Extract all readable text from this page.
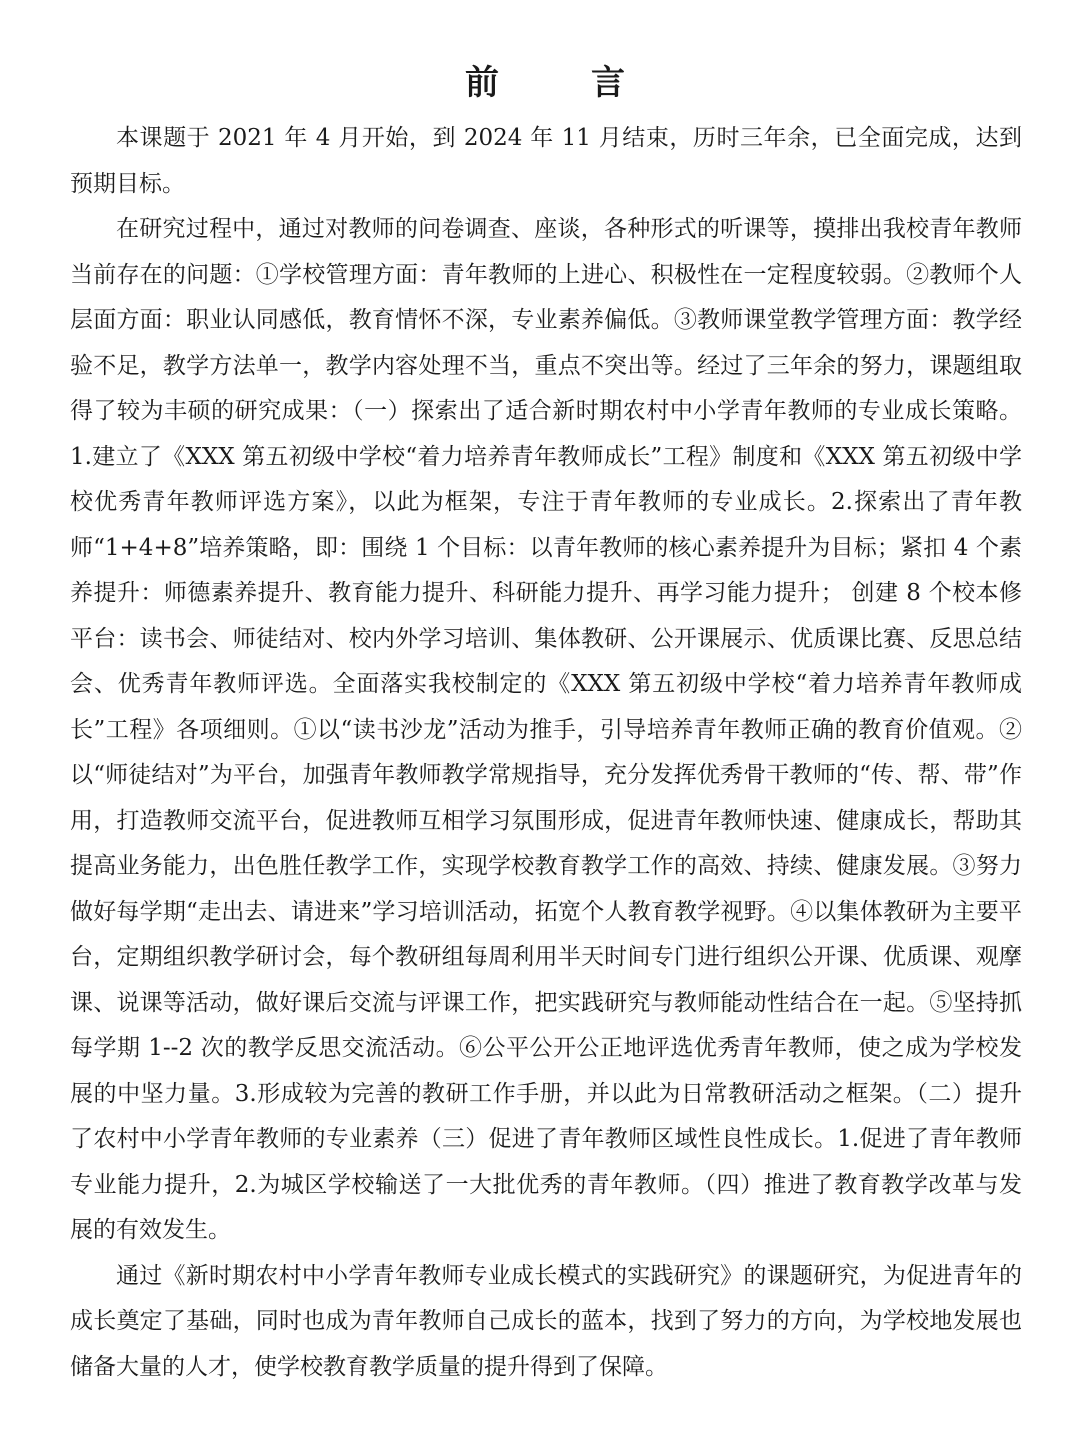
前	言

本课题于 2021 年 4 月开始，到 2024 年 11 月结束，历时三年余，已全面完成，达到预期目标。

在研究过程中，通过对教师的问卷调查、座谈，各种形式的听课等，摸排出我校青年教师当前存在的问题：①学校管理方面：青年教师的上进心、积极性在一定程度较弱。②教师个人层面方面：职业认同感低，教育情怀不深，专业素养偏低。③教师课堂教学管理方面：教学经验不足，教学方法单一，教学内容处理不当，重点不突出等。经过了三年余的努力，课题组取得了较为丰硕的研究成果：（一）探索出了适合新时期农村中小学青年教师的专业成长策略。1.建立了《XXX 第五初级中学校“着力培养青年教师成长”工程》制度和《XXX 第五初级中学校优秀青年教师评选方案》，以此为框架，专注于青年教师的专业成长。2.探索出了青年教师“1+4+8”培养策略，即：围绕 1 个目标：以青年教师的核心素养提升为目标；紧扣 4 个素养提升：师德素养提升、教育能力提升、科研能力提升、再学习能力提升； 创建 8 个校本修平台：读书会、师徒结对、校内外学习培训、集体教研、公开课展示、优质课比赛、反思总结会、优秀青年教师评选。全面落实我校制定的《XXX 第五初级中学校“着力培养青年教师成长”工程》各项细则。①以“读书沙龙”活动为推手，引导培养青年教师正确的教育价值观。②以“师徒结对”为平台，加强青年教师教学常规指导，充分发挥优秀骨干教师的“传、帮、带”作用，打造教师交流平台，促进教师互相学习氛围形成，促进青年教师快速、健康成长，帮助其提高业务能力，出色胜任教学工作，实现学校教育教学工作的高效、持续、健康发展。③努力做好每学期“走出去、请进来”学习培训活动，拓宽个人教育教学视野。④以集体教研为主要平台，定期组织教学研讨会，每个教研组每周利用半天时间专门进行组织公开课、优质课、观摩课、说课等活动，做好课后交流与评课工作，把实践研究与教师能动性结合在一起。⑤坚持抓每学期 1--2 次的教学反思交流活动。⑥公平公开公正地评选优秀青年教师，使之成为学校发展的中坚力量。3.形成较为完善的教研工作手册，并以此为日常教研活动之框架。（二）提升了农村中小学青年教师的专业素养（三）促进了青年教师区域性良性成长。1.促进了青年教师专业能力提升，2.为城区学校输送了一大批优秀的青年教师。（四）推进了教育教学改革与发展的有效发生。

通过《新时期农村中小学青年教师专业成长模式的实践研究》的课题研究，为促进青年的成长奠定了基础，同时也成为青年教师自己成长的蓝本，找到了努力的方向，为学校地发展也储备大量的人才，使学校教育教学质量的提升得到了保障。
